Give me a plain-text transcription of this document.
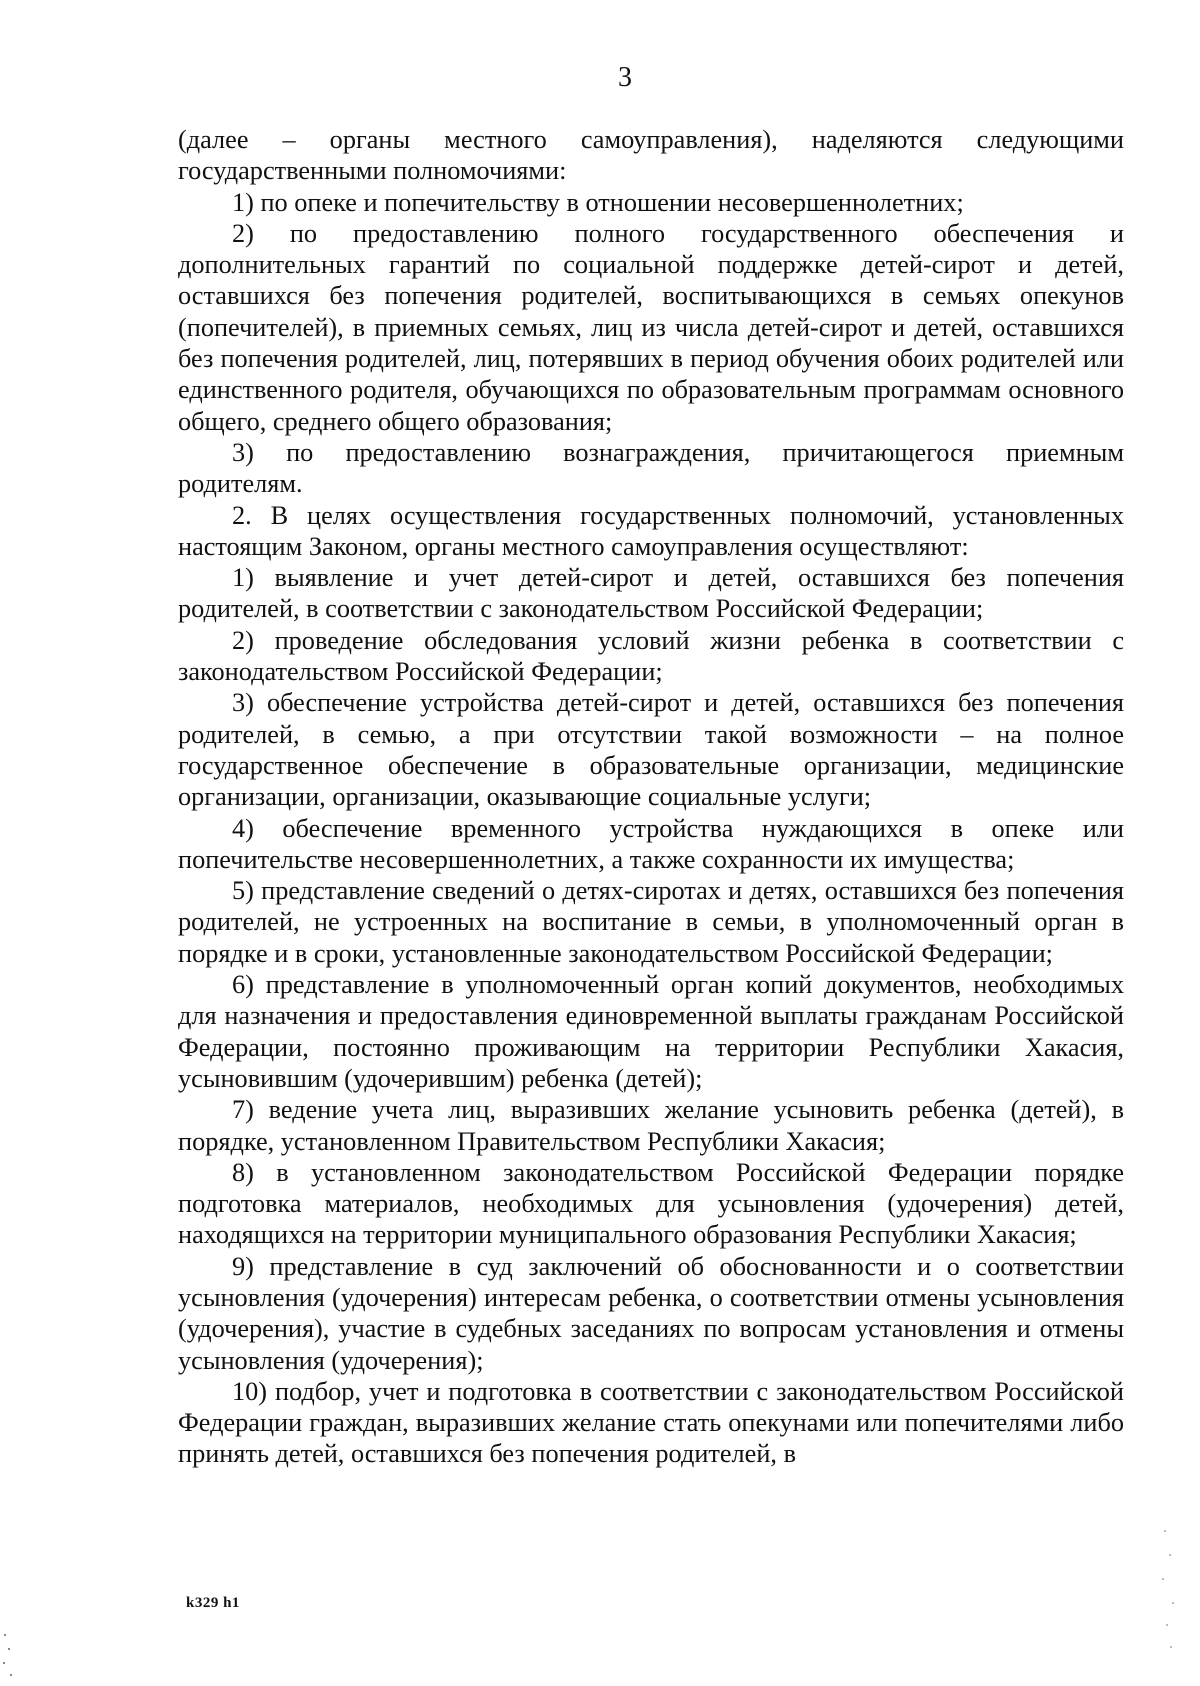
3

(далее – органы местного самоуправления), наделяются следующими государственными полномочиями:

1) по опеке и попечительству в отношении несовершеннолетних;

2) по предоставлению полного государственного обеспечения и дополнительных гарантий по социальной поддержке детей-сирот и детей, оставшихся без попечения родителей, воспитывающихся в семьях опекунов (попечителей), в приемных семьях, лиц из числа детей-сирот и детей, оставшихся без попечения родителей, лиц, потерявших в период обучения обоих родителей или единственного родителя, обучающихся по образовательным программам основного общего, среднего общего образования;

3) по предоставлению вознаграждения, причитающегося приемным родителям.

2. В целях осуществления государственных полномочий, установленных настоящим Законом, органы местного самоуправления осуществляют:

1) выявление и учет детей-сирот и детей, оставшихся без попечения родителей, в соответствии с законодательством Российской Федерации;

2) проведение обследования условий жизни ребенка в соответствии с законодательством Российской Федерации;

3) обеспечение устройства детей-сирот и детей, оставшихся без попечения родителей, в семью, а при отсутствии такой возможности – на полное государственное обеспечение в образовательные организации, медицинские организации, организации, оказывающие социальные услуги;

4) обеспечение временного устройства нуждающихся в опеке или попечительстве несовершеннолетних, а также сохранности их имущества;

5) представление сведений о детях-сиротах и детях, оставшихся без попечения родителей, не устроенных на воспитание в семьи, в уполномоченный орган в порядке и в сроки, установленные законодательством Российской Федерации;

6) представление в уполномоченный орган копий документов, необходимых для назначения и предоставления единовременной выплаты гражданам Российской Федерации, постоянно проживающим на территории Республики Хакасия, усыновившим (удочерившим) ребенка (детей);

7) ведение учета лиц, выразивших желание усыновить ребенка (детей), в порядке, установленном Правительством Республики Хакасия;

8) в установленном законодательством Российской Федерации порядке подготовка материалов, необходимых для усыновления (удочерения) детей, находящихся на территории муниципального образования Республики Хакасия;

9) представление в суд заключений об обоснованности и о соответствии усыновления (удочерения) интересам ребенка, о соответствии отмены усыновления (удочерения), участие в судебных заседаниях по вопросам установления и отмены усыновления (удочерения);

10) подбор, учет и подготовка в соответствии с законодательством Российской Федерации граждан, выразивших желание стать опекунами или попечителями либо принять детей, оставшихся без попечения родителей, в

k329 h1
